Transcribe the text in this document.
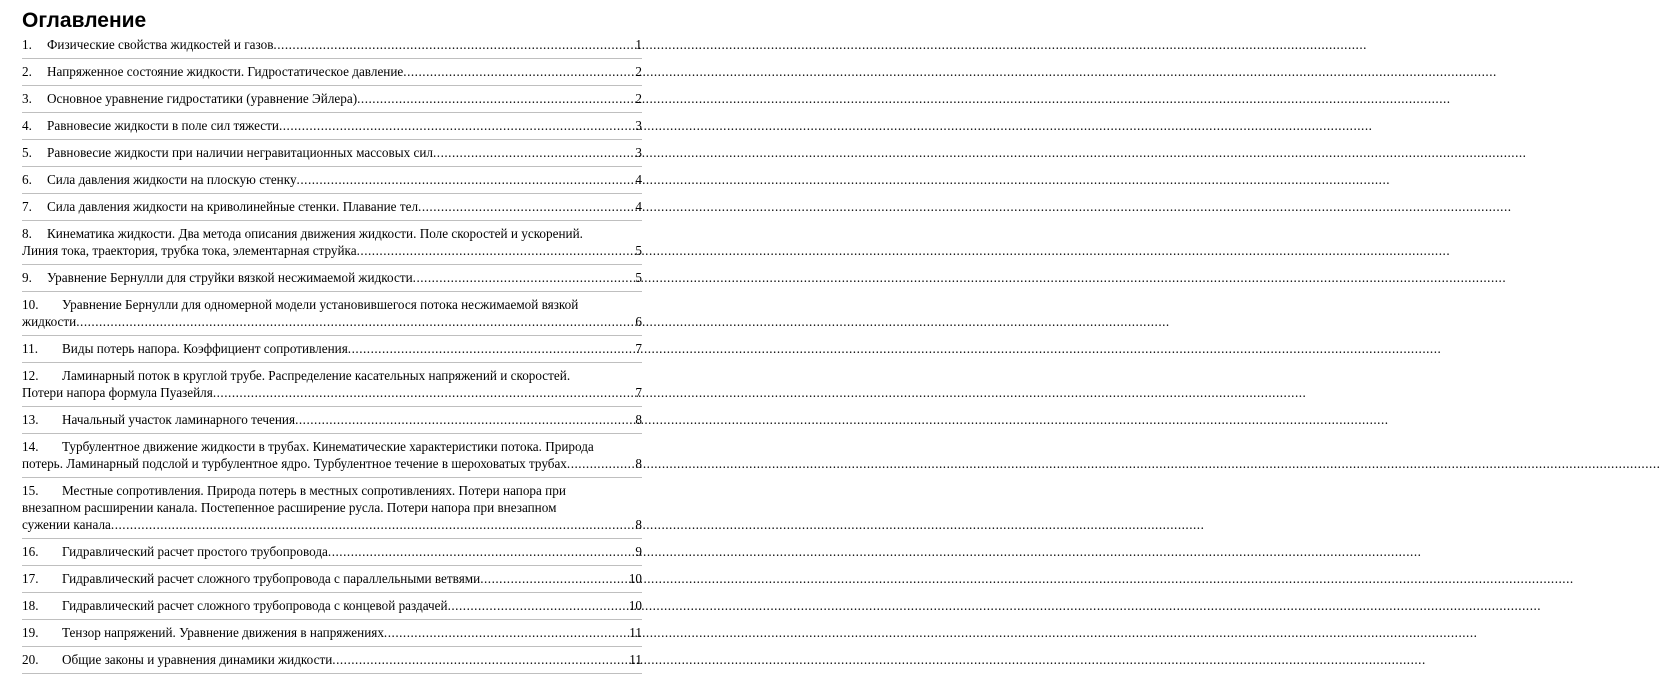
Оглавление
1. Физические свойства жидкостей и газов .....	1
2. Напряженное состояние жидкости. Гидростатическое давление .....	2
3. Основное уравнение гидростатики (уравнение Эйлера) .....	2
4. Равновесие жидкости в поле сил тяжести .....	3
5. Равновесие жидкости при наличии негравитационных массовых сил .....	3
6. Сила давления жидкости на плоскую стенку .....	4
7. Сила давления жидкости на криволинейные стенки. Плавание тел .....	4
8. Кинематика жидкости. Два метода описания движения жидкости. Поле скоростей и ускорений.
Линия тока, траектория, трубка тока, элементарная струйка .....	5
9. Уравнение Бернулли для струйки вязкой несжимаемой жидкости .....	5
10. Уравнение Бернулли для одномерной модели установившегося потока несжимаемой вязкой
жидкости .....	6
11. Виды потерь напора. Коэффициент сопротивления .....	7
12. Ламинарный поток в круглой трубе. Распределение касательных напряжений и скоростей.
Потери напора формула Пуазейля .....	7
13. Начальный участок ламинарного течения .....	8
14. Турбулентное движение жидкости в трубах. Кинематические характеристики потока. Природа
потерь. Ламинарный подслой и турбулентное ядро. Турбулентное течение в шероховатых трубах .....	8
15. Местные сопротивления. Природа потерь в местных сопротивлениях. Потери напора при
внезапном расширении канала. Постепенное расширение русла. Потери напора при внезапном
сужении канала .....	8
16. Гидравлический расчет простого трубопровода .....	9
17. Гидравлический расчет сложного трубопровода с параллельными ветвями .....	10
18. Гидравлический расчет сложного трубопровода с концевой раздачей .....	10
19. Тензор напряжений. Уравнение движения в напряжениях .....	11
20. Общие законы и уравнения динамики жидкости .....	11
